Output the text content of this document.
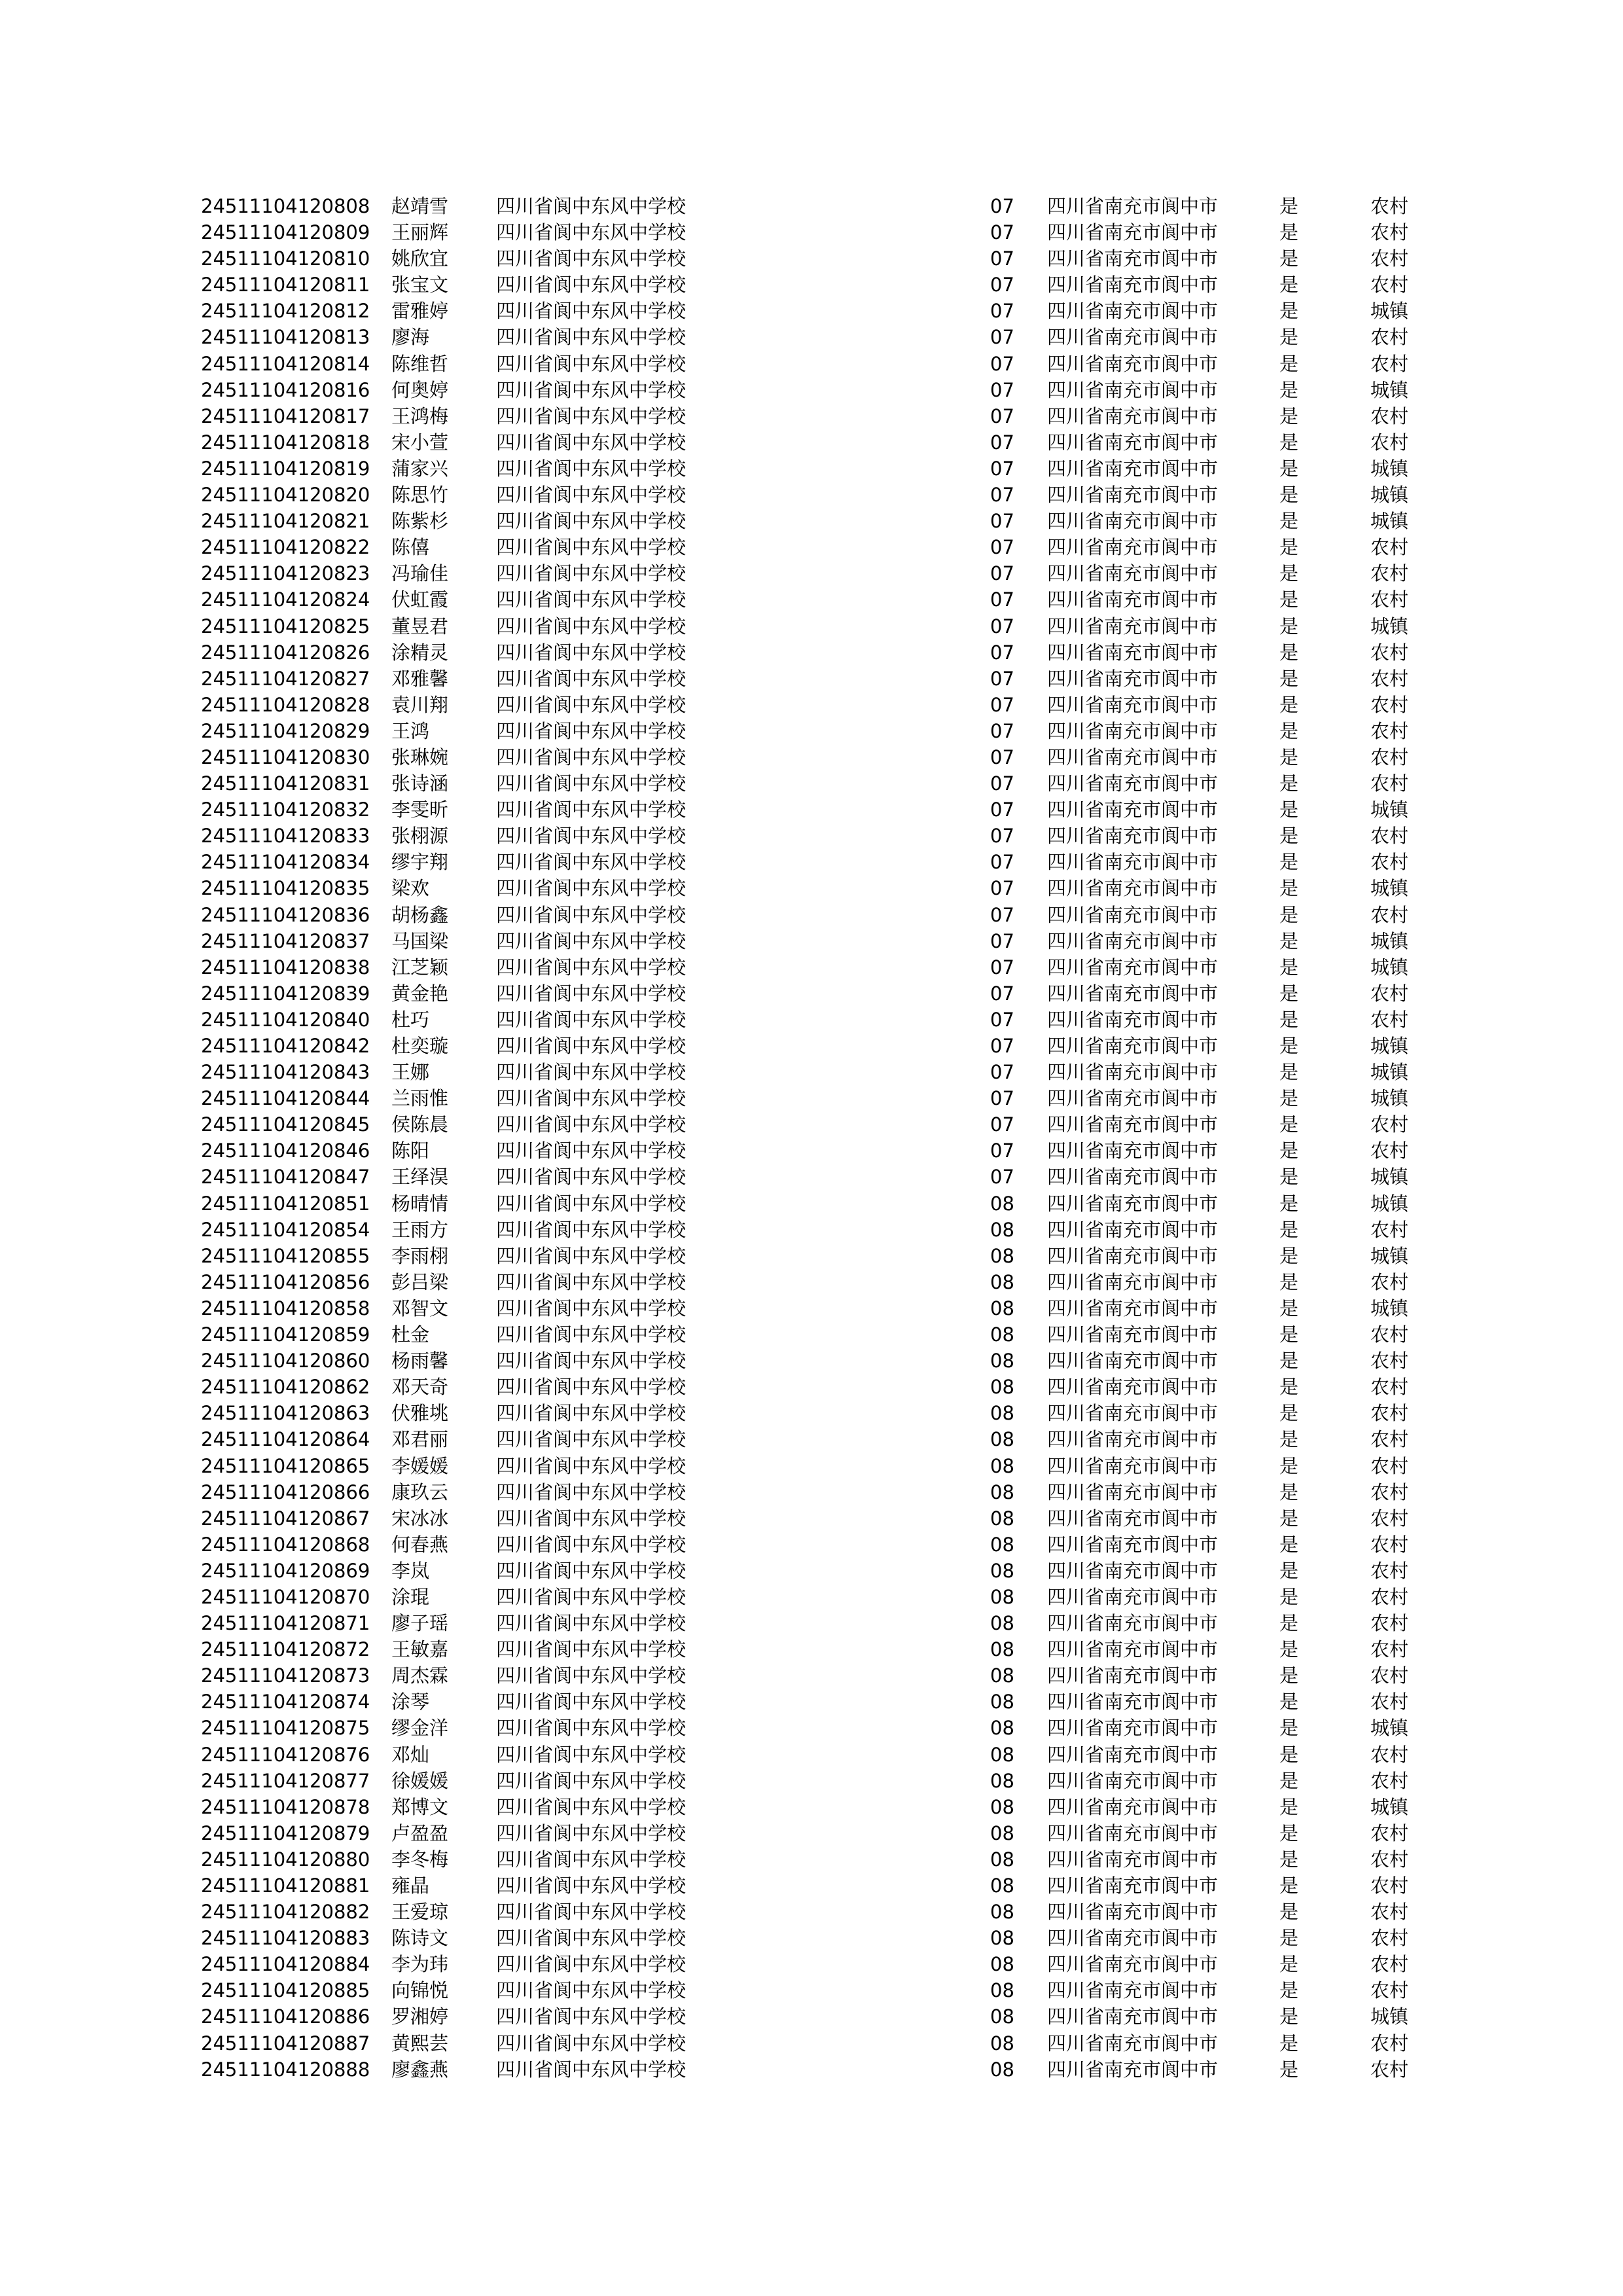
24511104120808 赵靖雪	四川省阆中东风中学校	07 四川省南充市阆中市	是	农村
24511104120809 王丽辉	四川省阆中东风中学校	07 四川省南充市阆中市	是	农村
24511104120810 姚欣宜	四川省阆中东风中学校	07 四川省南充市阆中市	是	农村
24511104120811 张宝文	四川省阆中东风中学校	07 四川省南充市阆中市	是	农村
24511104120812 雷雅婷	四川省阆中东风中学校	07 四川省南充市阆中市	是	城镇
24511104120813 廖海	四川省阆中东风中学校	07 四川省南充市阆中市	是	农村
24511104120814 陈维哲	四川省阆中东风中学校	07 四川省南充市阆中市	是	农村
24511104120816 何奥婷	四川省阆中东风中学校	07 四川省南充市阆中市	是	城镇
24511104120817 王鸿梅	四川省阆中东风中学校	07 四川省南充市阆中市	是	农村
24511104120818 宋小萱	四川省阆中东风中学校	07 四川省南充市阆中市	是	农村
24511104120819 蒲家兴	四川省阆中东风中学校	07 四川省南充市阆中市	是	城镇
24511104120820 陈思竹	四川省阆中东风中学校	07 四川省南充市阆中市	是	城镇
24511104120821 陈紫杉	四川省阆中东风中学校	07 四川省南充市阆中市	是	城镇
24511104120822 陈僖	四川省阆中东风中学校	07 四川省南充市阆中市	是	农村
24511104120823 冯瑜佳	四川省阆中东风中学校	07 四川省南充市阆中市	是	农村
24511104120824 伏虹霞	四川省阆中东风中学校	07 四川省南充市阆中市	是	农村
24511104120825 董昱君	四川省阆中东风中学校	07 四川省南充市阆中市	是	城镇
24511104120826 涂精灵	四川省阆中东风中学校	07 四川省南充市阆中市	是	农村
24511104120827 邓雅馨	四川省阆中东风中学校	07 四川省南充市阆中市	是	农村
24511104120828 袁川翔	四川省阆中东风中学校	07 四川省南充市阆中市	是	农村
24511104120829 王鸿	四川省阆中东风中学校	07 四川省南充市阆中市	是	农村
24511104120830 张琳婉	四川省阆中东风中学校	07 四川省南充市阆中市	是	农村
24511104120831 张诗涵	四川省阆中东风中学校	07 四川省南充市阆中市	是	农村
24511104120832 李雯昕	四川省阆中东风中学校	07 四川省南充市阆中市	是	城镇
24511104120833 张栩源	四川省阆中东风中学校	07 四川省南充市阆中市	是	农村
24511104120834 缪宇翔	四川省阆中东风中学校	07 四川省南充市阆中市	是	农村
24511104120835 梁欢	四川省阆中东风中学校	07 四川省南充市阆中市	是	城镇
24511104120836 胡杨鑫	四川省阆中东风中学校	07 四川省南充市阆中市	是	农村
24511104120837 马国梁	四川省阆中东风中学校	07 四川省南充市阆中市	是	城镇
24511104120838 江芝颖	四川省阆中东风中学校	07 四川省南充市阆中市	是	城镇
24511104120839 黄金艳	四川省阆中东风中学校	07 四川省南充市阆中市	是	农村
24511104120840 杜巧	四川省阆中东风中学校	07 四川省南充市阆中市	是	农村
24511104120842 杜奕璇	四川省阆中东风中学校	07 四川省南充市阆中市	是	城镇
24511104120843 王娜	四川省阆中东风中学校	07 四川省南充市阆中市	是	城镇
24511104120844 兰雨惟	四川省阆中东风中学校	07 四川省南充市阆中市	是	城镇
24511104120845 侯陈晨	四川省阆中东风中学校	07 四川省南充市阆中市	是	农村
24511104120846 陈阳	四川省阆中东风中学校	07 四川省南充市阆中市	是	农村
24511104120847 王绎淏	四川省阆中东风中学校	07 四川省南充市阆中市	是	城镇
24511104120851 杨晴情	四川省阆中东风中学校	08 四川省南充市阆中市	是	城镇
24511104120854 王雨方	四川省阆中东风中学校	08 四川省南充市阆中市	是	农村
24511104120855 李雨栩	四川省阆中东风中学校	08 四川省南充市阆中市	是	城镇
24511104120856 彭吕梁	四川省阆中东风中学校	08 四川省南充市阆中市	是	农村
24511104120858 邓智文	四川省阆中东风中学校	08 四川省南充市阆中市	是	城镇
24511104120859 杜金	四川省阆中东风中学校	08 四川省南充市阆中市	是	农村
24511104120860 杨雨馨	四川省阆中东风中学校	08 四川省南充市阆中市	是	农村
24511104120862 邓天奇	四川省阆中东风中学校	08 四川省南充市阆中市	是	农村
24511104120863 伏雅垗	四川省阆中东风中学校	08 四川省南充市阆中市	是	农村
24511104120864 邓君丽	四川省阆中东风中学校	08 四川省南充市阆中市	是	农村
24511104120865 李媛媛	四川省阆中东风中学校	08 四川省南充市阆中市	是	农村
24511104120866 康玖云	四川省阆中东风中学校	08 四川省南充市阆中市	是	农村
24511104120867 宋冰冰	四川省阆中东风中学校	08 四川省南充市阆中市	是	农村
24511104120868 何春燕	四川省阆中东风中学校	08 四川省南充市阆中市	是	农村
24511104120869 李岚	四川省阆中东风中学校	08 四川省南充市阆中市	是	农村
24511104120870 涂琨	四川省阆中东风中学校	08 四川省南充市阆中市	是	农村
24511104120871 廖子瑶	四川省阆中东风中学校	08 四川省南充市阆中市	是	农村
24511104120872 王敏嘉	四川省阆中东风中学校	08 四川省南充市阆中市	是	农村
24511104120873 周杰霖	四川省阆中东风中学校	08 四川省南充市阆中市	是	农村
24511104120874 涂琴	四川省阆中东风中学校	08 四川省南充市阆中市	是	农村
24511104120875 缪金洋	四川省阆中东风中学校	08 四川省南充市阆中市	是	城镇
24511104120876 邓灿	四川省阆中东风中学校	08 四川省南充市阆中市	是	农村
24511104120877 徐媛媛	四川省阆中东风中学校	08 四川省南充市阆中市	是	农村
24511104120878 郑博文	四川省阆中东风中学校	08 四川省南充市阆中市	是	城镇
24511104120879 卢盈盈	四川省阆中东风中学校	08 四川省南充市阆中市	是	农村
24511104120880 李冬梅	四川省阆中东风中学校	08 四川省南充市阆中市	是	农村
24511104120881 雍晶	四川省阆中东风中学校	08 四川省南充市阆中市	是	农村
24511104120882 王爱琼	四川省阆中东风中学校	08 四川省南充市阆中市	是	农村
24511104120883 陈诗文	四川省阆中东风中学校	08 四川省南充市阆中市	是	农村
24511104120884 李为玮	四川省阆中东风中学校	08 四川省南充市阆中市	是	农村
24511104120885 向锦悦	四川省阆中东风中学校	08 四川省南充市阆中市	是	农村
24511104120886 罗湘婷	四川省阆中东风中学校	08 四川省南充市阆中市	是	城镇
24511104120887 黄熙芸	四川省阆中东风中学校	08 四川省南充市阆中市	是	农村
24511104120888 廖鑫燕	四川省阆中东风中学校	08 四川省南充市阆中市	是	农村
